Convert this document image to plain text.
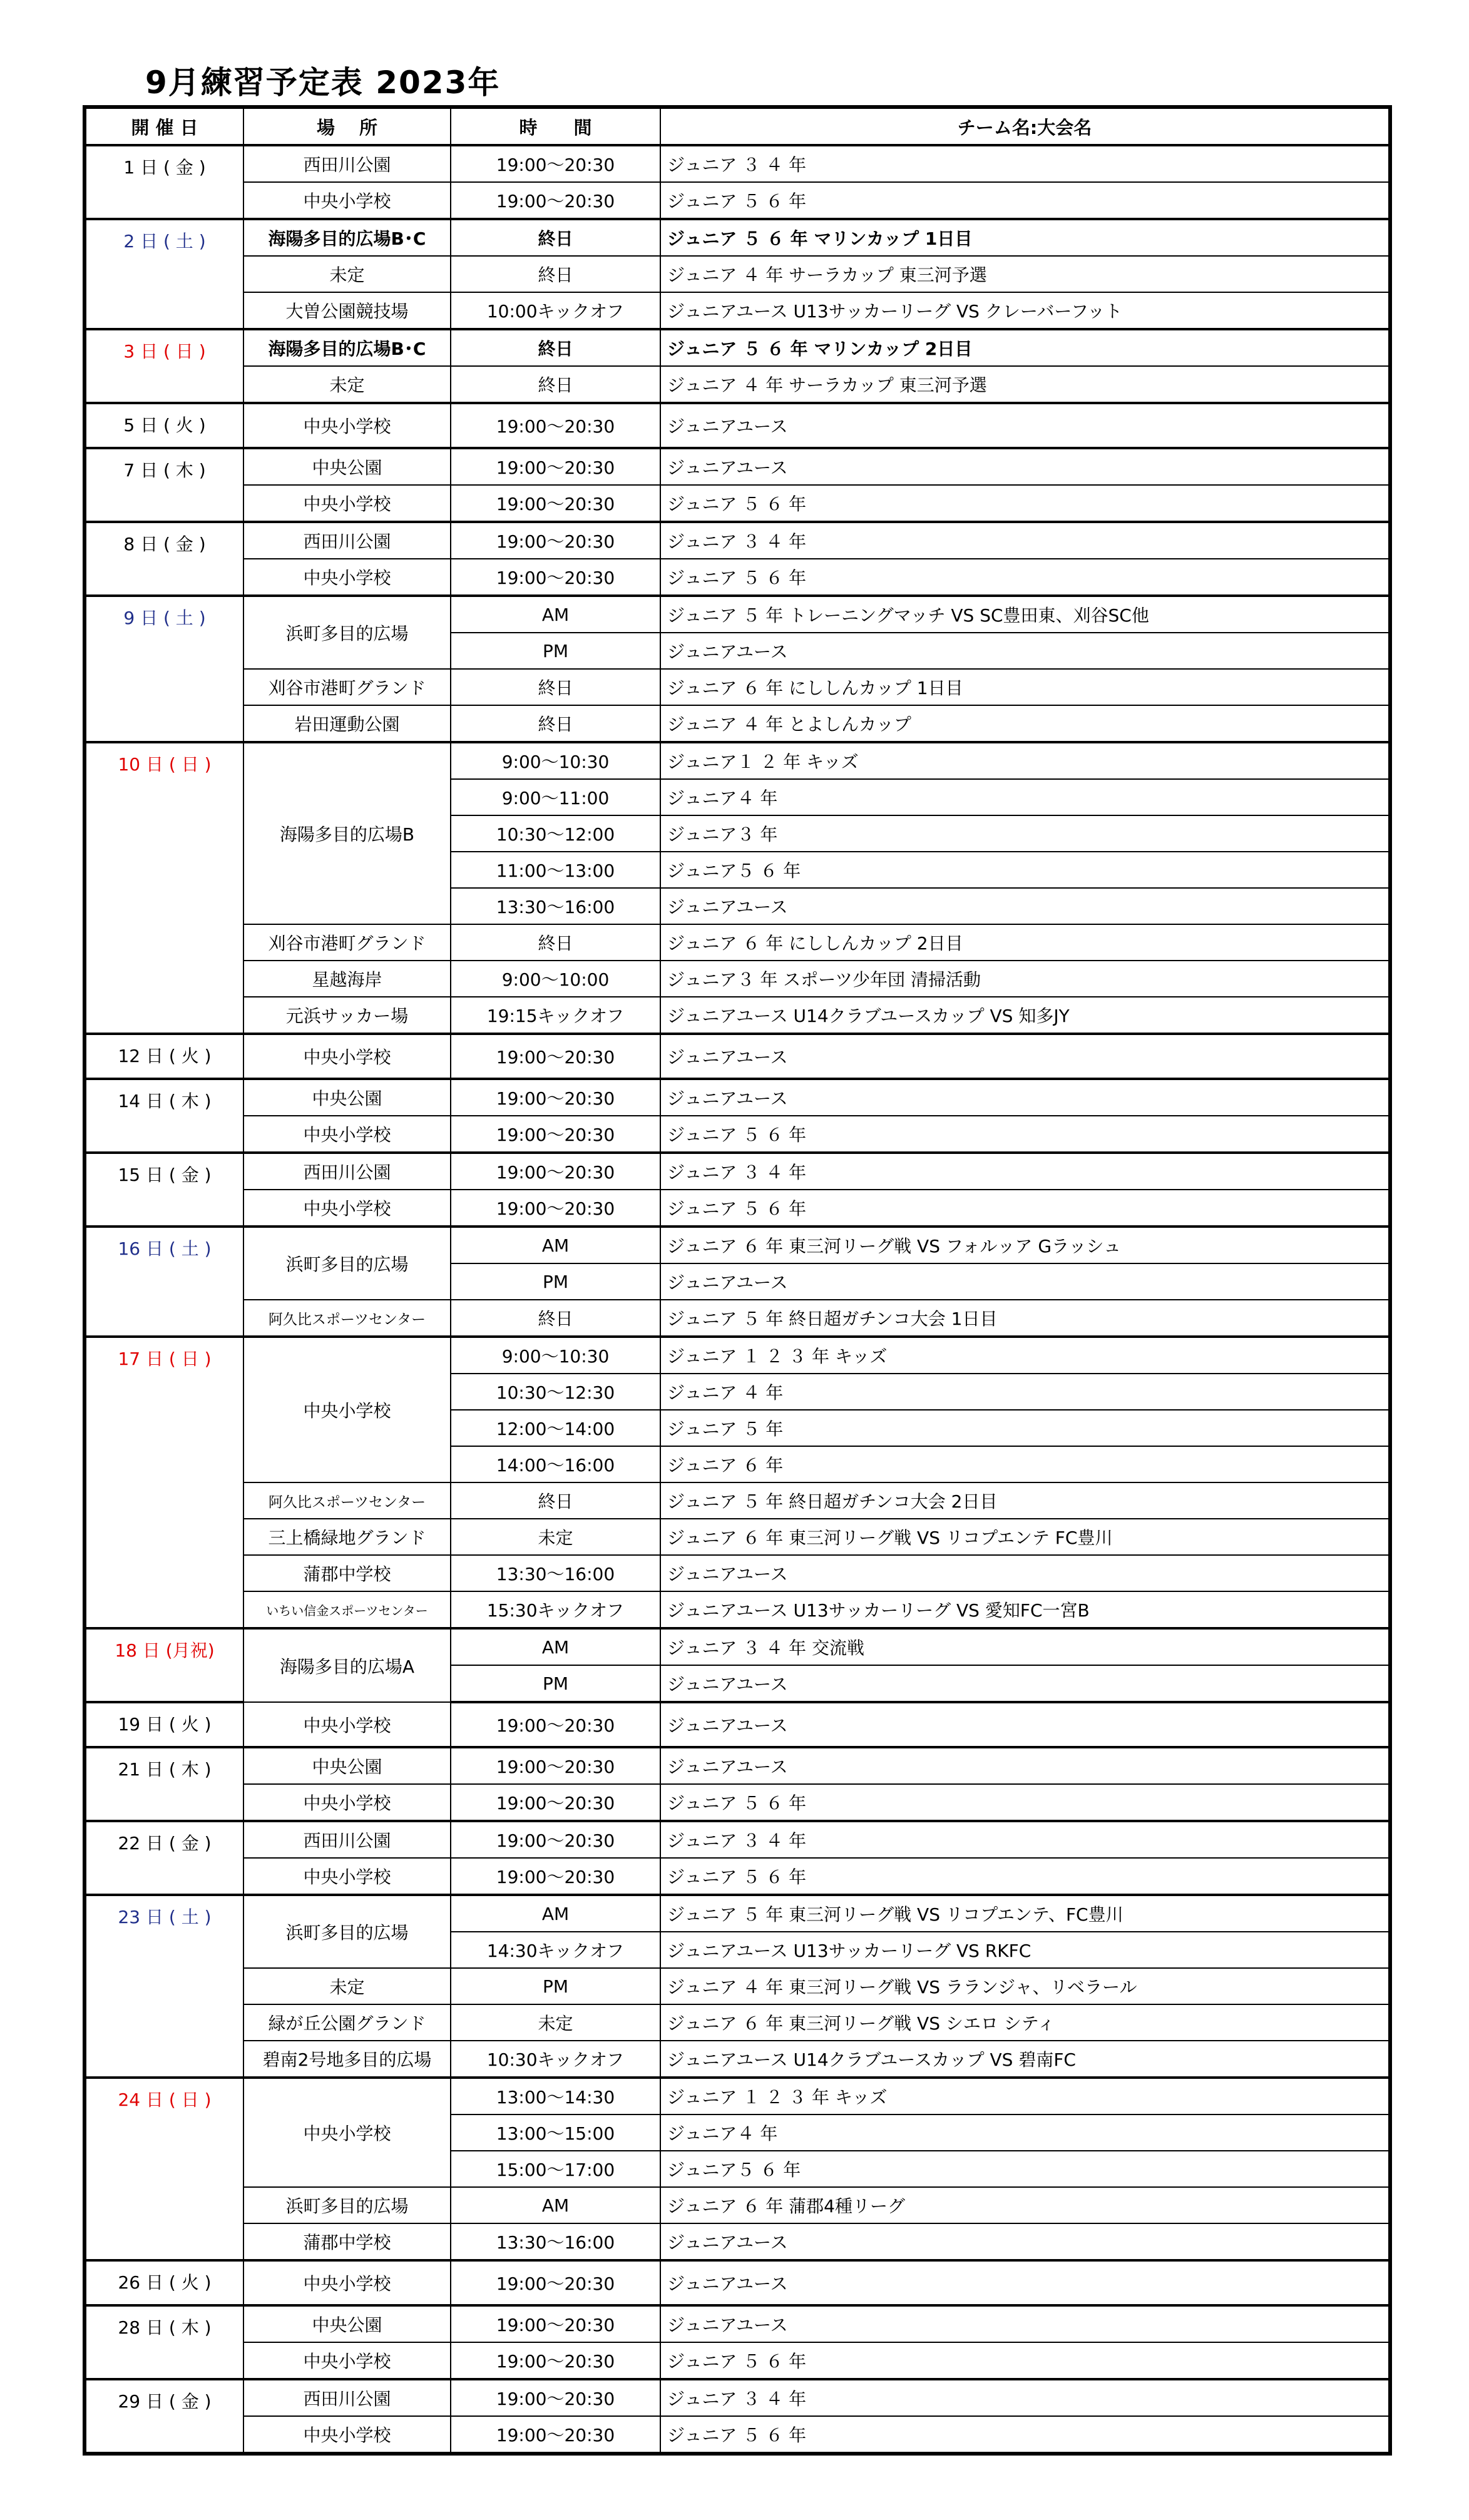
9月練習予定表 2023年
開 催 日	場　 所	時　　間	チーム名:大会名
1 日 ( 金 )	西田川公園	19:00～20:30	ジュニア ３ ４ 年
	中央小学校	19:00～20:30	ジュニア ５ ６ 年
2 日 ( 土 )	海陽多目的広場B･C	終日	ジュニア ５ ６ 年 マリンカップ 1日目
	未定	終日	ジュニア ４ 年 サーラカップ 東三河予選
	大曽公園競技場	10:00キックオフ	ジュニアユース U13サッカーリーグ VS クレーバーフット
3 日 ( 日 )	海陽多目的広場B･C	終日	ジュニア ５ ６ 年 マリンカップ 2日目
	未定	終日	ジュニア ４ 年 サーラカップ 東三河予選
5 日 ( 火 )	中央小学校	19:00～20:30	ジュニアユース
7 日 ( 木 )	中央公園	19:00～20:30	ジュニアユース
	中央小学校	19:00～20:30	ジュニア ５ ６ 年
8 日 ( 金 )	西田川公園	19:00～20:30	ジュニア ３ ４ 年
	中央小学校	19:00～20:30	ジュニア ５ ６ 年
9 日 ( 土 )	浜町多目的広場	AM	ジュニア ５ 年 トレーニングマッチ VS SC豊田東、刈谷SC他
		PM	ジュニアユース
	刈谷市港町グランド	終日	ジュニア ６ 年 にししんカップ 1日目
	岩田運動公園	終日	ジュニア ４ 年 とよしんカップ
10 日 ( 日 )	海陽多目的広場B	9:00～10:30	ジュニア１ ２ 年 キッズ
		9:00～11:00	ジュニア４ 年
		10:30～12:00	ジュニア３ 年
		11:00～13:00	ジュニア５ ６ 年
		13:30～16:00	ジュニアユース
	刈谷市港町グランド	終日	ジュニア ６ 年 にししんカップ 2日目
	星越海岸	9:00～10:00	ジュニア３ 年 スポーツ少年団 清掃活動
	元浜サッカー場	19:15キックオフ	ジュニアユース U14クラブユースカップ VS 知多JY
12 日 ( 火 )	中央小学校	19:00～20:30	ジュニアユース
14 日 ( 木 )	中央公園	19:00～20:30	ジュニアユース
	中央小学校	19:00～20:30	ジュニア ５ ６ 年
15 日 ( 金 )	西田川公園	19:00～20:30	ジュニア ３ ４ 年
	中央小学校	19:00～20:30	ジュニア ５ ６ 年
16 日 ( 土 )	浜町多目的広場	AM	ジュニア ６ 年 東三河リーグ戦 VS フォルッア Gラッシュ
		PM	ジュニアユース
	阿久比スポーツセンター	終日	ジュニア ５ 年 終日超ガチンコ大会 1日目
17 日 ( 日 )	中央小学校	9:00～10:30	ジュニア １ ２ ３ 年 キッズ
		10:30～12:30	ジュニア ４ 年
		12:00～14:00	ジュニア ５ 年
		14:00～16:00	ジュニア ６ 年
	阿久比スポーツセンター	終日	ジュニア ５ 年 終日超ガチンコ大会 2日目
	三上橋緑地グランド	未定	ジュニア ６ 年 東三河リーグ戦 VS リコプエンテ FC豊川
	蒲郡中学校	13:30～16:00	ジュニアユース
	いちい信金スポーツセンター	15:30キックオフ	ジュニアユース U13サッカーリーグ VS 愛知FC一宮B
18 日 (月祝)	海陽多目的広場A	AM	ジュニア ３ ４ 年 交流戦
		PM	ジュニアユース
19 日 ( 火 )	中央小学校	19:00～20:30	ジュニアユース
21 日 ( 木 )	中央公園	19:00～20:30	ジュニアユース
	中央小学校	19:00～20:30	ジュニア ５ ６ 年
22 日 ( 金 )	西田川公園	19:00～20:30	ジュニア ３ ４ 年
	中央小学校	19:00～20:30	ジュニア ５ ６ 年
23 日 ( 土 )	浜町多目的広場	AM	ジュニア ５ 年 東三河リーグ戦 VS リコプエンテ、FC豊川
		14:30キックオフ	ジュニアユース U13サッカーリーグ VS RKFC
	未定	PM	ジュニア ４ 年 東三河リーグ戦 VS ラランジャ、リベラール
	緑が丘公園グランド	未定	ジュニア ６ 年 東三河リーグ戦 VS シエロ シティ
	碧南2号地多目的広場	10:30キックオフ	ジュニアユース U14クラブユースカップ VS 碧南FC
24 日 ( 日 )	中央小学校	13:00～14:30	ジュニア １ ２ ３ 年 キッズ
		13:00～15:00	ジュニア４ 年
		15:00～17:00	ジュニア５ ６ 年
	浜町多目的広場	AM	ジュニア ６ 年 蒲郡4種リーグ
	蒲郡中学校	13:30～16:00	ジュニアユース
26 日 ( 火 )	中央小学校	19:00～20:30	ジュニアユース
28 日 ( 木 )	中央公園	19:00～20:30	ジュニアユース
	中央小学校	19:00～20:30	ジュニア ５ ６ 年
29 日 ( 金 )	西田川公園	19:00～20:30	ジュニア ３ ４ 年
	中央小学校	19:00～20:30	ジュニア ５ ６ 年
